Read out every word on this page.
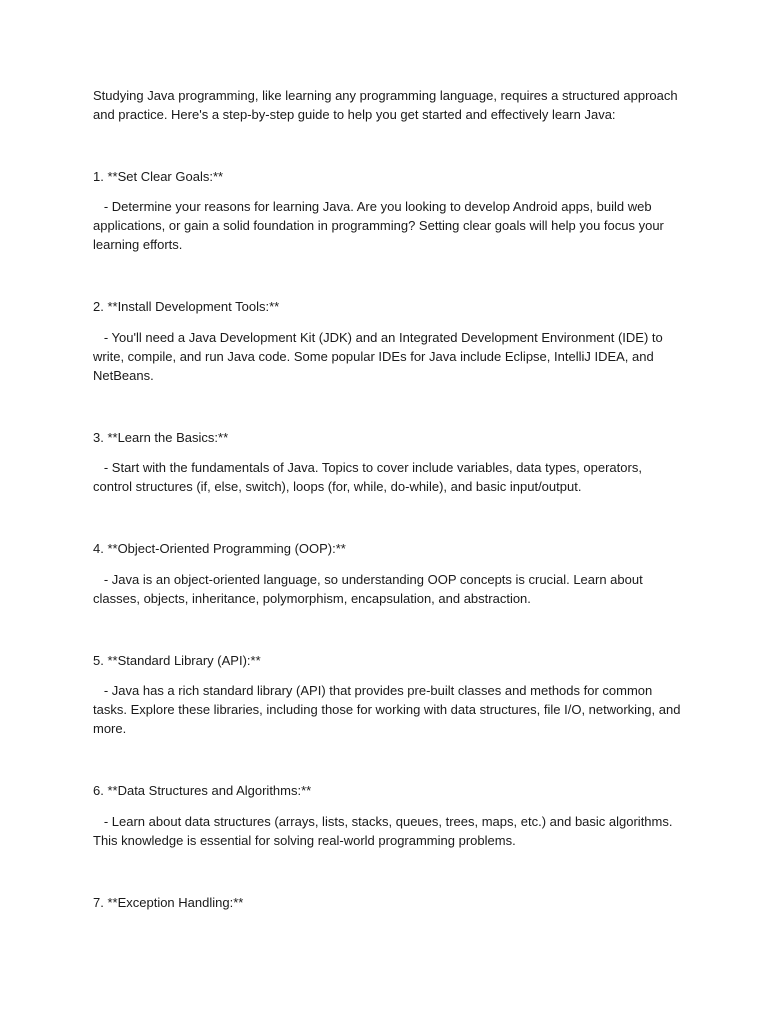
Studying Java programming, like learning any programming language, requires a structured approach and practice. Here's a step-by-step guide to help you get started and effectively learn Java:

1. **Set Clear Goals:**

- Determine your reasons for learning Java. Are you looking to develop Android apps, build web applications, or gain a solid foundation in programming? Setting clear goals will help you focus your learning efforts.

2. **Install Development Tools:**

- You'll need a Java Development Kit (JDK) and an Integrated Development Environment (IDE) to write, compile, and run Java code. Some popular IDEs for Java include Eclipse, IntelliJ IDEA, and NetBeans.

3. **Learn the Basics:**

- Start with the fundamentals of Java. Topics to cover include variables, data types, operators, control structures (if, else, switch), loops (for, while, do-while), and basic input/output.

4. **Object-Oriented Programming (OOP):**

- Java is an object-oriented language, so understanding OOP concepts is crucial. Learn about classes, objects, inheritance, polymorphism, encapsulation, and abstraction.

5. **Standard Library (API):**

- Java has a rich standard library (API) that provides pre-built classes and methods for common tasks. Explore these libraries, including those for working with data structures, file I/O, networking, and more.

6. **Data Structures and Algorithms:**

- Learn about data structures (arrays, lists, stacks, queues, trees, maps, etc.) and basic algorithms. This knowledge is essential for solving real-world programming problems.

7. **Exception Handling:**
